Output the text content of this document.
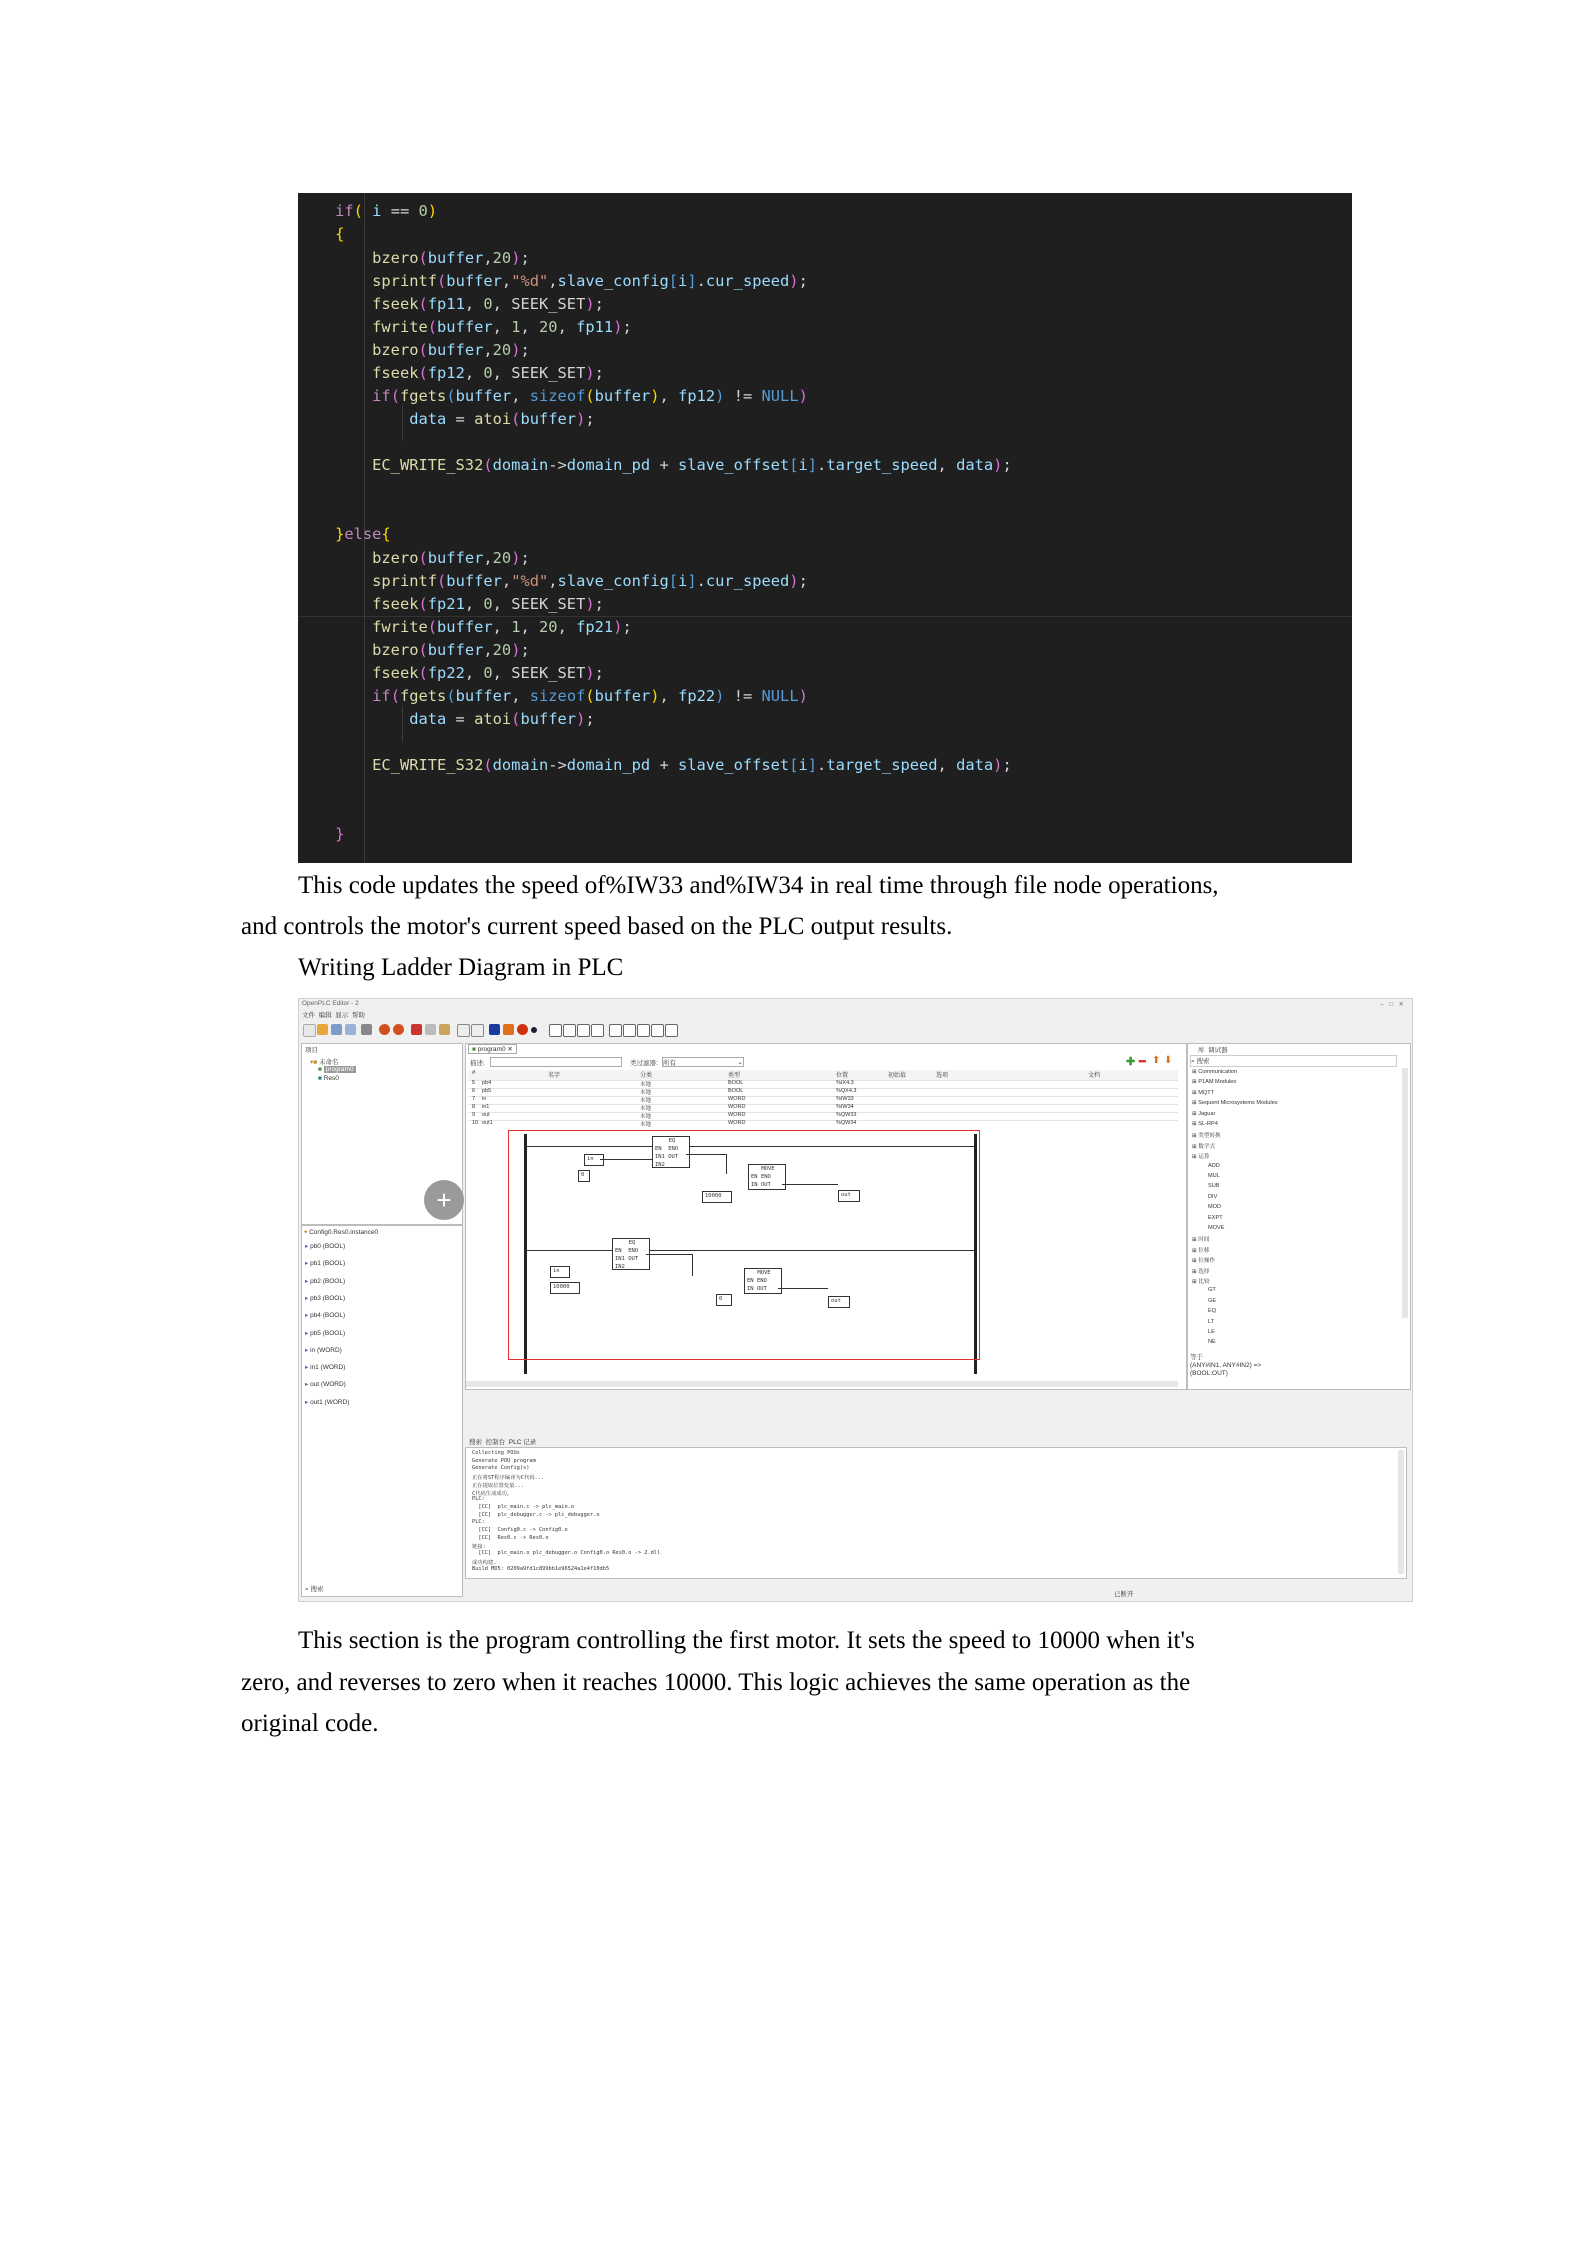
if( i == 0)
{
bzero(buffer,20);
sprintf(buffer,"%d",slave_config[i].cur_speed);
fseek(fp11, 0, SEEK_SET);
fwrite(buffer, 1, 20, fp11);
bzero(buffer,20);
fseek(fp12, 0, SEEK_SET);
if(fgets(buffer, sizeof(buffer), fp12) != NULL)
data = atoi(buffer);
EC_WRITE_S32(domain->domain_pd + slave_offset[i].target_speed, data);
}else{
bzero(buffer,20);
sprintf(buffer,"%d",slave_config[i].cur_speed);
fseek(fp21, 0, SEEK_SET);
fwrite(buffer, 1, 20, fp21);
bzero(buffer,20);
fseek(fp22, 0, SEEK_SET);
if(fgets(buffer, sizeof(buffer), fp22) != NULL)
data = atoi(buffer);
EC_WRITE_S32(domain->domain_pd + slave_offset[i].target_speed, data);
}
This code updates the speed of%IW33 and%IW34 in real time through file node operations,
and controls the motor's current speed based on the PLC output results.
Writing Ladder Diagram in PLC
OpenPLC Editor - 2	–   □   ✕
文件 编辑 显示 帮助
项目
▾■ 未命名
■ program0
■ Res0
+
▾ Config0.Res0.instance0
▸ pb0 (BOOL)
▸ pb1 (BOOL)
▸ pb2 (BOOL)
▸ pb3 (BOOL)
▸ pb4 (BOOL)
▸ pb5 (BOOL)
▸ in (WORD)
▸ in1 (WORD)
▸ out (WORD)
▸ out1 (WORD)
⌕ 搜索
■ program0 ✕
描述:	类过滤器: 所有	⌄	✚ ━ ⬆ ⬇
#	名字	分类	类型	位置	初始值	选项	文档
5 pb4	本地	BOOL	%IX4.3
6 pb5	本地	BOOL	%QX4.3
7 in	本地	WORD	%IW33
8 in1	本地	WORD	%IW34
9 out	本地	WORD	%QW33
10 out1	本地	WORD	%QW34
in
0
EQ
EN ENO
IN1 OUT
IN2
MOVE
EN ENO
IN OUT
10000	out
EQ
EN ENO
IN1 OUT
IN2
in
10000
MOVE
EN ENO
IN OUT
0	out
库 调试器
⌕ 搜索
⊞ Communication
⊞ P1AM Modules
⊞ MQTT
⊞ Sequent Microsystems Modules
⊞ Jaguar
⊞ SL-RP4
⊞ 类型转换
⊞ 数学式
⊞ 运算
ADD
MUL
SUB
DIV
MOD
EXPT
MOVE
⊞ 时间
⊞ 位移
⊞ 位操作
⊞ 选择
⊞ 比较
GT
GE
EQ
LT
LE
NE
等于
(ANY#IN1, ANY#IN2) =>
(BOOL:OUT)
搜索 控制台 PLC 记录
Collecting POUs
Generate POU program
Generate Config(s)
正在将ST程序编译为C代码...
正在提取位置变量...
C代码生成成功。
PLC:
[CC]  plc_main.c -> plc_main.o
[CC]  plc_debugger.c -> plc_debugger.o
PLC:
[CC]  Config0.c -> Config0.o
[CC]  Res0.c -> Res0.o
链接:
[CC]  plc_main.o plc_debugger.o Config0.o Res0.o -> 2.dll
成功构建.
Build MD5: 0209a9fd1c899bb1e96524a1e4f10db5
已断开
This section is the program controlling the first motor. It sets the speed to 10000 when it's
zero, and reverses to zero when it reaches 10000. This logic achieves the same operation as the
original code.
